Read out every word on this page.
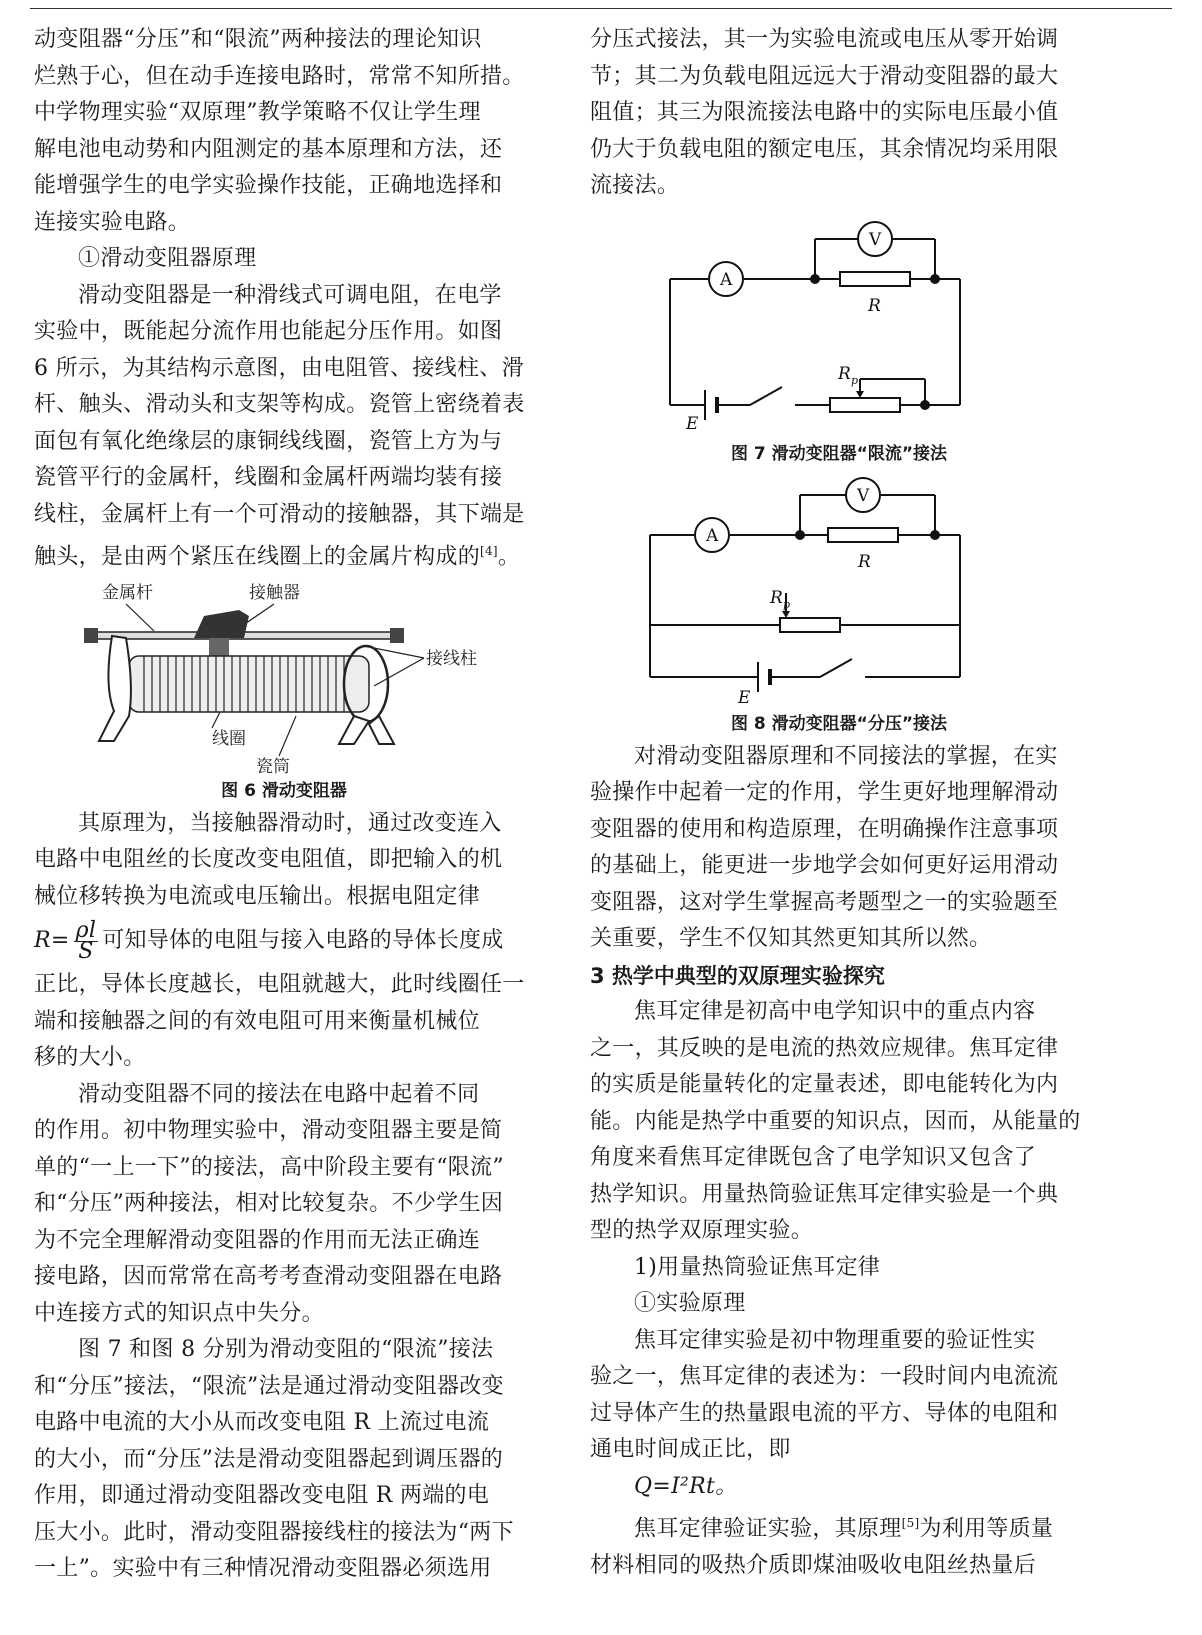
动变阻器“分压”和“限流”两种接法的理论知识

烂熟于心，但在动手连接电路时，常常不知所措。

中学物理实验“双原理”教学策略不仅让学生理

解电池电动势和内阻测定的基本原理和方法，还

能增强学生的电学实验操作技能，正确地选择和

连接实验电路。

①滑动变阻器原理

滑动变阻器是一种滑线式可调电阻，在电学

实验中，既能起分流作用也能起分压作用。如图

6 所示，为其结构示意图，由电阻管、接线柱、滑

杆、触头、滑动头和支架等构成。瓷管上密绕着表

面包有氧化绝缘层的康铜线线圈，瓷管上方为与

瓷管平行的金属杆，线圈和金属杆两端均装有接

线柱，金属杆上有一个可滑动的接触器，其下端是

触头，是由两个紧压在线圈上的金属片构成的[4]。

金属杆	接触器
接线柱
线圈
瓷筒

图 6 滑动变阻器

其原理为，当接触器滑动时，通过改变连入

电路中电阻丝的长度改变电阻值，即把输入的机

械位移转换为电流或电压输出。根据电阻定律

$R= \frac{\rho l}{S}$ 可知导体的电阻与接入电路的导体长度成

正比，导体长度越长，电阻就越大，此时线圈任一

端和接触器之间的有效电阻可用来衡量机械位

移的大小。

滑动变阻器不同的接法在电路中起着不同

的作用。初中物理实验中，滑动变阻器主要是简

单的“一上一下”的接法，高中阶段主要有“限流”

和“分压”两种接法，相对比较复杂。不少学生因

为不完全理解滑动变阻器的作用而无法正确连

接电路，因而常常在高考考查滑动变阻器在电路

中连接方式的知识点中失分。

图 7 和图 8 分别为滑动变阻的“限流”接法

和“分压”接法，“限流”法是通过滑动变阻器改变

电路中电流的大小从而改变电阻 R 上流过电流

的大小，而“分压”法是滑动变阻器起到调压器的

作用，即通过滑动变阻器改变电阻 R 两端的电

压大小。此时，滑动变阻器接线柱的接法为“两下

一上”。实验中有三种情况滑动变阻器必须选用

分压式接法，其一为实验电流或电压从零开始调

节；其二为负载电阻远远大于滑动变阻器的最大

阻值；其三为限流接法电路中的实际电压最小值

仍大于负载电阻的额定电压，其余情况均采用限

流接法。

A
V
R
R p
E

图 7 滑动变阻器“限流”接法

A
V
R
R p
E

图 8 滑动变阻器“分压”接法

对滑动变阻器原理和不同接法的掌握，在实

验操作中起着一定的作用，学生更好地理解滑动

变阻器的使用和构造原理，在明确操作注意事项

的基础上，能更进一步地学会如何更好运用滑动

变阻器，这对学生掌握高考题型之一的实验题至

关重要，学生不仅知其然更知其所以然。

3 热学中典型的双原理实验探究

焦耳定律是初高中电学知识中的重点内容

之一，其反映的是电流的热效应规律。焦耳定律

的实质是能量转化的定量表述，即电能转化为内

能。内能是热学中重要的知识点，因而，从能量的

角度来看焦耳定律既包含了电学知识又包含了

热学知识。用量热筒验证焦耳定律实验是一个典

型的热学双原理实验。

1)用量热筒验证焦耳定律

①实验原理

焦耳定律实验是初中物理重要的验证性实

验之一，焦耳定律的表述为：一段时间内电流流

过导体产生的热量跟电流的平方、导体的电阻和

通电时间成正比，即

Q=I²Rt。

焦耳定律验证实验，其原理[5]为利用等质量

材料相同的吸热介质即煤油吸收电阻丝热量后
